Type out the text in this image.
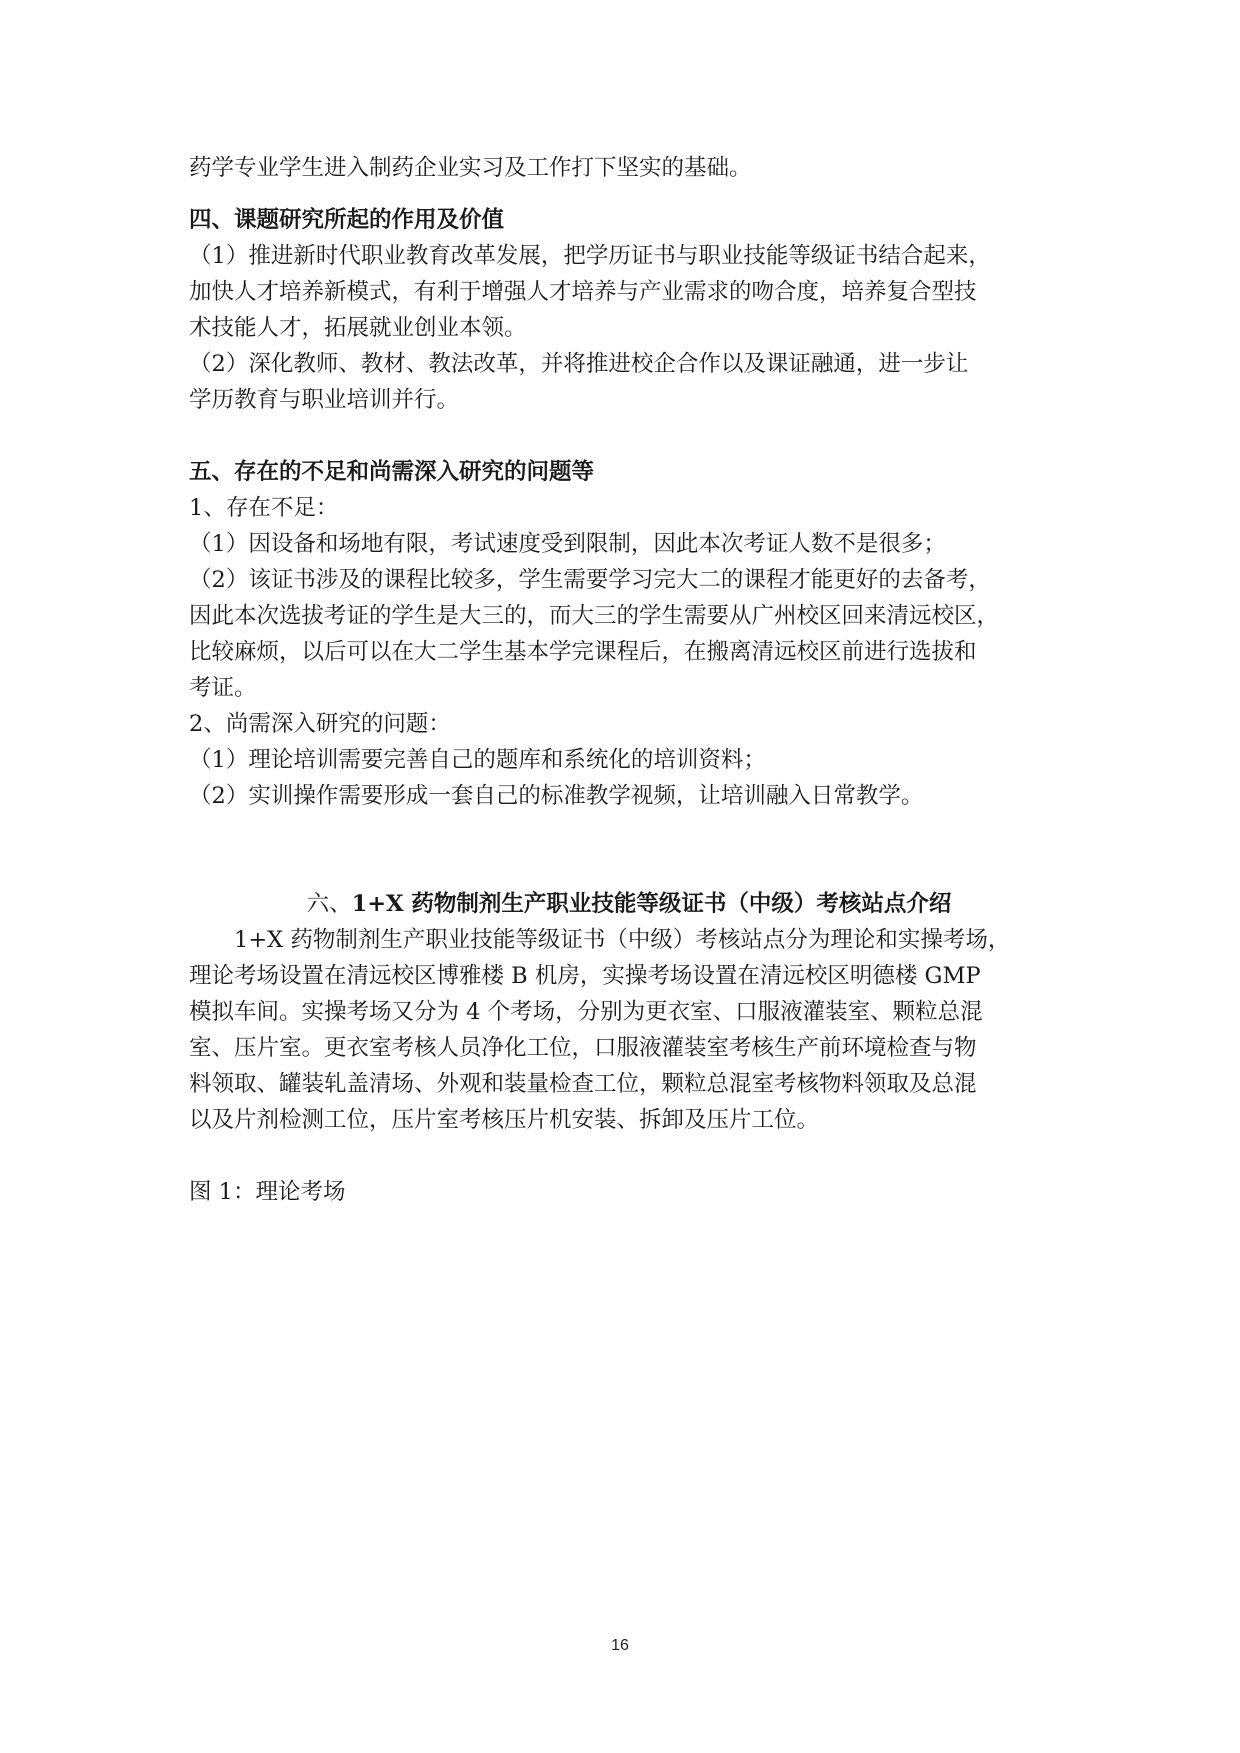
药学专业学生进入制药企业实习及工作打下坚实的基础。
四、课题研究所起的作用及价值
（1）推进新时代职业教育改革发展，把学历证书与职业技能等级证书结合起来，
加快人才培养新模式，有利于增强人才培养与产业需求的吻合度，培养复合型技
术技能人才，拓展就业创业本领。
（2）深化教师、教材、教法改革，并将推进校企合作以及课证融通，进一步让
学历教育与职业培训并行。
五、存在的不足和尚需深入研究的问题等
1、存在不足：
（1）因设备和场地有限，考试速度受到限制，因此本次考证人数不是很多；
（2）该证书涉及的课程比较多，学生需要学习完大二的课程才能更好的去备考，
因此本次选拔考证的学生是大三的，而大三的学生需要从广州校区回来清远校区，
比较麻烦，以后可以在大二学生基本学完课程后，在搬离清远校区前进行选拔和
考证。
2、尚需深入研究的问题：
（1）理论培训需要完善自己的题库和系统化的培训资料；
（2）实训操作需要形成一套自己的标准教学视频，让培训融入日常教学。
六、1+X 药物制剂生产职业技能等级证书（中级）考核站点介绍
　　1+X 药物制剂生产职业技能等级证书（中级）考核站点分为理论和实操考场，
理论考场设置在清远校区博雅楼 B 机房，实操考场设置在清远校区明德楼 GMP
模拟车间。实操考场又分为 4 个考场，分别为更衣室、口服液灌装室、颗粒总混
室、压片室。更衣室考核人员净化工位，口服液灌装室考核生产前环境检查与物
料领取、罐装轧盖清场、外观和装量检查工位，颗粒总混室考核物料领取及总混
以及片剂检测工位，压片室考核压片机安装、拆卸及压片工位。
图 1：理论考场
16
